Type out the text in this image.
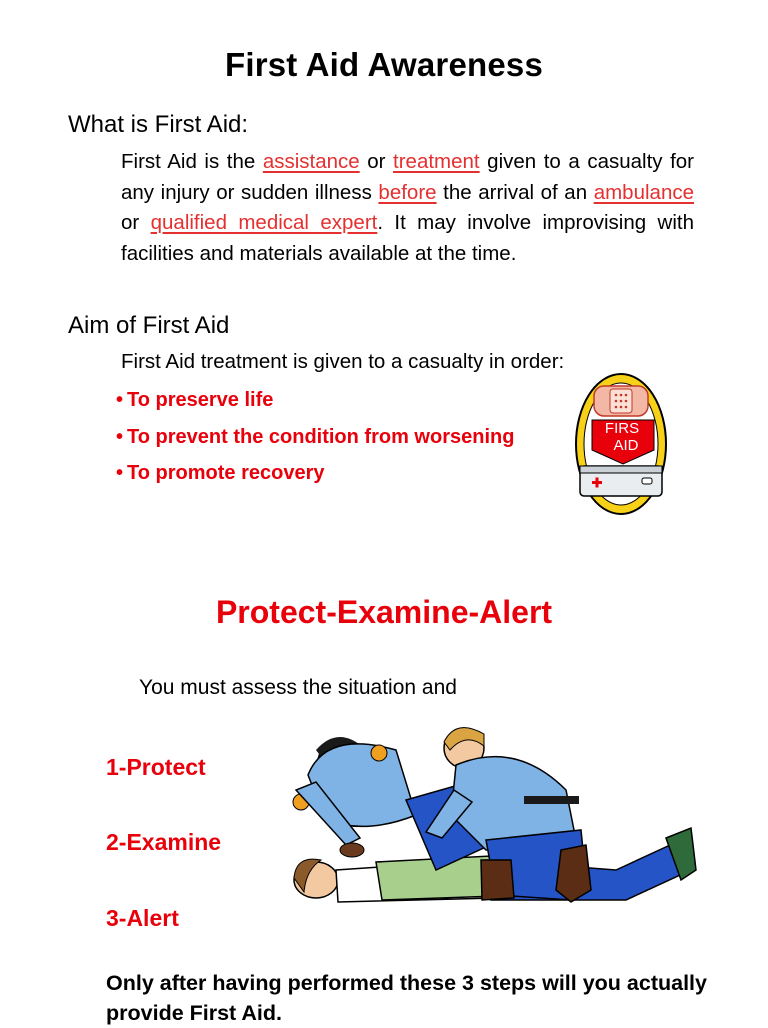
First Aid Awareness
What is First Aid:
First Aid is the assistance or treatment given to a casualty for any injury or sudden illness before the arrival of an ambulance or qualified medical expert. It may involve improvising with facilities and materials available at the time.
Aim of First Aid
First Aid treatment is given to a casualty in order:
• To preserve life
• To prevent the condition from worsening
• To promote recovery
FIRS
AID
Protect-Examine-Alert
You must assess the situation and
1-Protect
2-Examine
3-Alert
Only after having performed these 3 steps will you actually provide First Aid.
